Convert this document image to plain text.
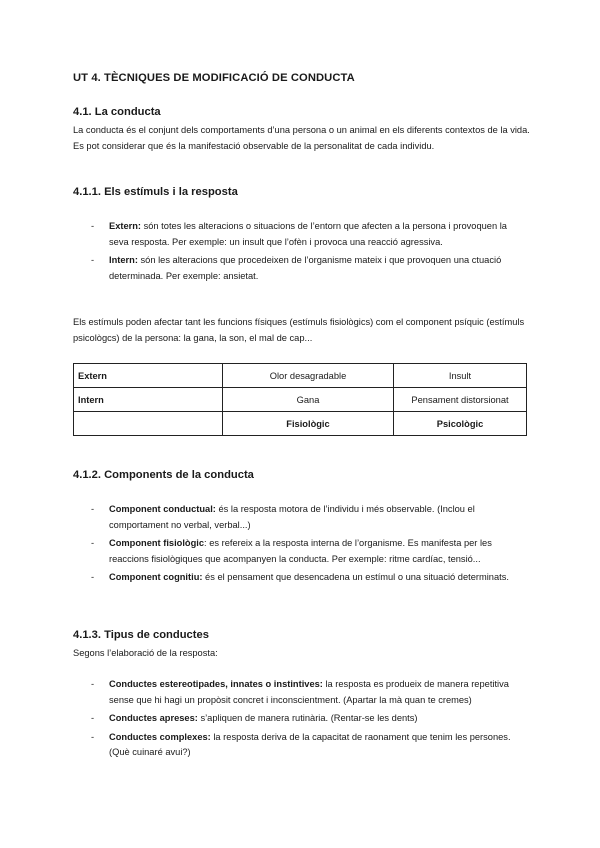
UT 4. TÈCNIQUES DE MODIFICACIÓ DE CONDUCTA
4.1. La conducta
La conducta és el conjunt dels comportaments d’una persona o un animal en els diferents contextos de la vida. Es pot considerar que és la manifestació observable de la personalitat de cada individu.
4.1.1. Els estímuls i la resposta
- Extern: són totes les alteracions o situacions de l’entorn que afecten a la persona i provoquen la seva resposta. Per exemple: un insult que l’ofèn i provoca una reacció agressiva.
- Intern: són les alteracions que procedeixen de l’organisme mateix i que provoquen una ctuació determinada. Per exemple: ansietat.
Els estímuls poden afectar tant les funcions físiques (estímuls fisiològics) com el component psíquic (estímuls psicològcs) de la persona: la gana, la son, el mal de cap...
Extern	Olor desagradable	Insult
Intern	Gana	Pensament distorsionat
	Fisiològic	Psicològic
4.1.2. Components de la conducta
- Component conductual: és la resposta motora de l’individu i més observable. (Inclou el comportament no verbal, verbal...)
- Component fisiològic: es refereix a la resposta interna de l’organisme. Es manifesta per les reaccions fisiològiques que acompanyen la conducta. Per exemple: ritme cardíac, tensió...
- Component cognitiu: és el pensament que desencadena un estímul o una situació determinats.
4.1.3. Tipus de conductes
Segons l’elaboració de la resposta:
- Conductes estereotipades, innates o instintives: la resposta es produeix de manera repetitiva sense que hi hagi un propòsit concret i inconscientment. (Apartar la mà quan te cremes)
- Conductes apreses: s’apliquen de manera rutinària. (Rentar-se les dents)
- Conductes complexes: la resposta deriva de la capacitat de raonament que tenim les persones. (Què cuinaré avui?)
